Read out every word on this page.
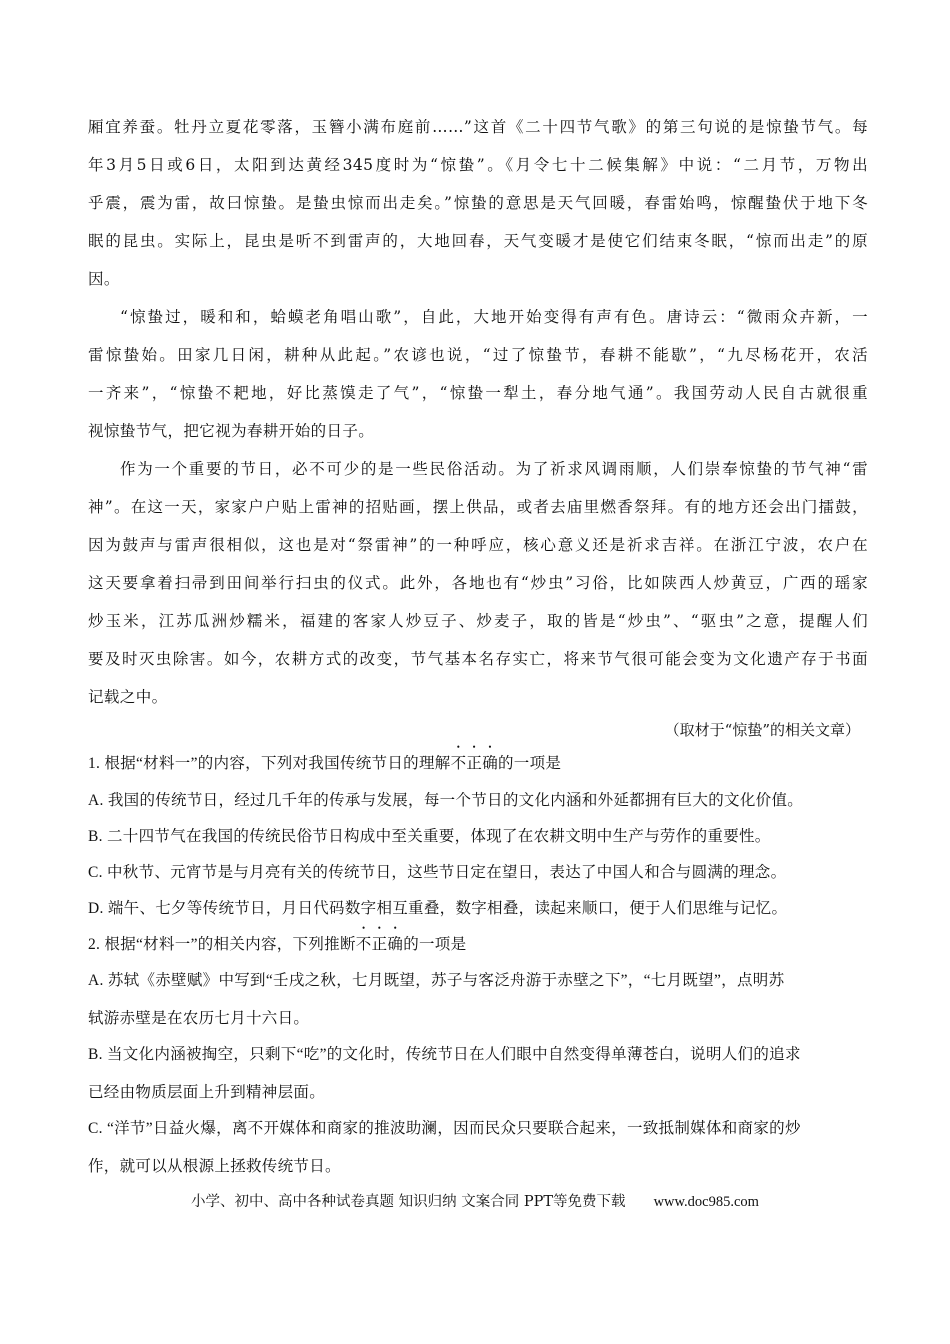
厢宜养蚕。牡丹立夏花零落，玉簪小满布庭前……”这首《二十四节气歌》的第三句说的是惊蛰节气。每
年3月5日或6日，太阳到达黄经345度时为“惊蛰”。《月令七十二候集解》中说：“二月节，万物出
乎震，震为雷，故曰惊蛰。是蛰虫惊而出走矣。”惊蛰的意思是天气回暖，春雷始鸣，惊醒蛰伏于地下冬
眠的昆虫。实际上，昆虫是听不到雷声的，大地回春，天气变暖才是使它们结束冬眠，“惊而出走”的原
因。
“惊蛰过，暖和和，蛤蟆老角唱山歌”，自此，大地开始变得有声有色。唐诗云：“微雨众卉新，一
雷惊蛰始。田家几日闲，耕种从此起。”农谚也说，“过了惊蛰节，春耕不能歇”，“九尽杨花开，农活
一齐来”，“惊蛰不耙地，好比蒸馍走了气”，“惊蛰一犁土，春分地气通”。我国劳动人民自古就很重
视惊蛰节气，把它视为春耕开始的日子。
作为一个重要的节日，必不可少的是一些民俗活动。为了祈求风调雨顺，人们崇奉惊蛰的节气神“雷
神”。在这一天，家家户户贴上雷神的招贴画，摆上供品，或者去庙里燃香祭拜。有的地方还会出门擂鼓，
因为鼓声与雷声很相似，这也是对“祭雷神”的一种呼应，核心意义还是祈求吉祥。在浙江宁波，农户在
这天要拿着扫帚到田间举行扫虫的仪式。此外，各地也有“炒虫”习俗，比如陕西人炒黄豆，广西的瑶家
炒玉米，江苏瓜洲炒糯米，福建的客家人炒豆子、炒麦子，取的皆是“炒虫”、“驱虫”之意，提醒人们
要及时灭虫除害。如今，农耕方式的改变，节气基本名存实亡，将来节气很可能会变为文化遗产存于书面
记载之中。
（取材于“惊蛰”的相关文章）
1. 根据“材料一”的内容，下列对我国传统节日的理解不正确的一项是
A. 我国的传统节日，经过几千年的传承与发展，每一个节日的文化内涵和外延都拥有巨大的文化价值。
B. 二十四节气在我国的传统民俗节日构成中至关重要，体现了在农耕文明中生产与劳作的重要性。
C. 中秋节、元宵节是与月亮有关的传统节日，这些节日定在望日，表达了中国人和合与圆满的理念。
D. 端午、七夕等传统节日，月日代码数字相互重叠，数字相叠，读起来顺口，便于人们思维与记忆。
2. 根据“材料一”的相关内容，下列推断不正确的一项是
A. 苏轼《赤壁赋》中写到“壬戌之秋，七月既望，苏子与客泛舟游于赤壁之下”，“七月既望”，点明苏
轼游赤壁是在农历七月十六日。
B. 当文化内涵被掏空，只剩下“吃”的文化时，传统节日在人们眼中自然变得单薄苍白，说明人们的追求
已经由物质层面上升到精神层面。
C. “洋节”日益火爆，离不开媒体和商家的推波助澜，因而民众只要联合起来，一致抵制媒体和商家的炒
作，就可以从根源上拯救传统节日。
小学、初中、高中各种试卷真题 知识归纳 文案合同 PPT等免费下载 www.doc985.com
